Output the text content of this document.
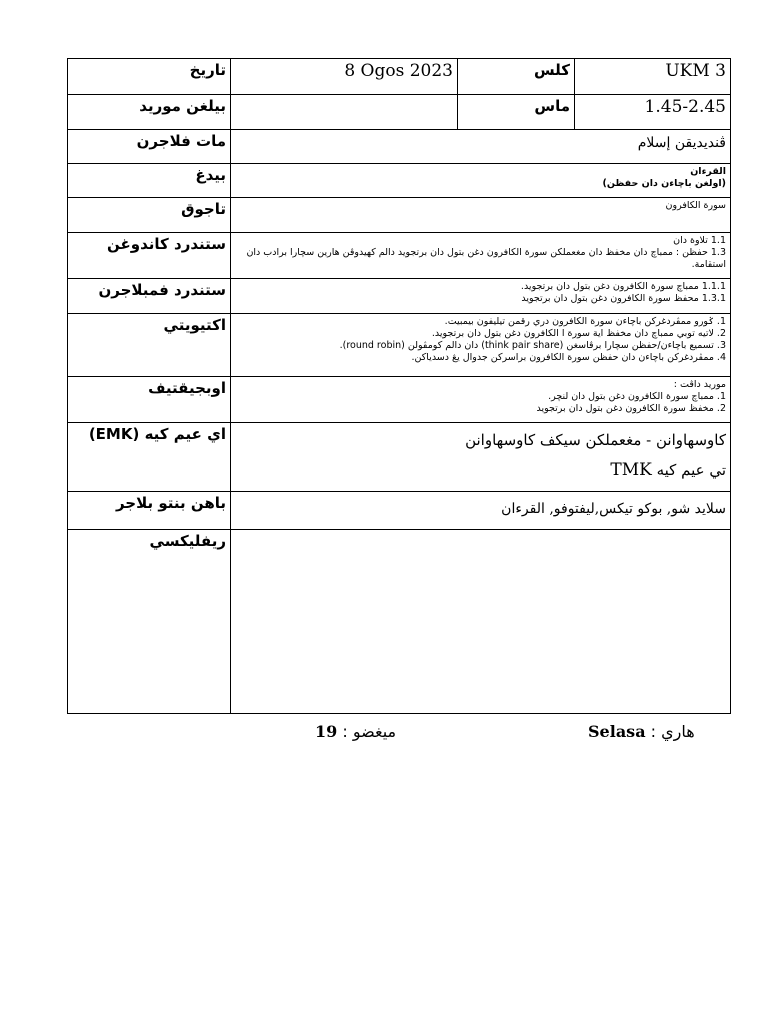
تاريخ	8 Ogos 2023	کلس	UKM 3
بيلغن موريد		ماس	1.45-2.45
مات فلاجرن	ڤنديديقن إسلام		
بيدغ	القرءان
(اولغن باچاءن دان حفظن)		

تاجوق	سورة الكافرون		
ستندرد كاندوغن	1.1 تلاوة دان
1.3 حفظن : ممباچ دان مخفظ دان مغعملكن سورة الكافرون دغن بتول دان برتجويد دالم کهيدوڤن هارين سچارا برادب دان استقامة.		

ستندرد فمبلاجرن	1.1.1 ممباچ سورة الكافرون دغن بتول دان برتجويد.
1.3.1 محفظ سورة الكافرون دغن بتول دان برتجويد		

اكتيويتي	1. ݢورو ممڤردغركن باچاءن سورة الكافرون دري رقمن تيليفون بيمبيت.
2. لاتيه توبي ممباچ دان مخفظ اية سورة ا الكافرون دغن بتول دان برتجويد.
3. تسميع باچاءن/حفظن سچارا برڤاسغن (think pair share) دان دالم کومڤولن (round robin).
4. ممڤردغركن باچاءن دان حفظن سورة الكافرون براسرکن جدوال يڠ دسدياكن.		

اوبجيقتيف	موريد داڤت :
1. ممباچ سورة الكافرون دغن بتول دان لنچر.
2. مخفظ سورة الكافرون دغن بتول دان برتجويد		

اي عيم کيه (EMK)	کاوسهاوانن - مغعملکن سيکف کاوسهاوانن
تي عيم کيه TMK		

باهن بنتو بلاجر	سلايد شو, بوکو تيکس,ليفتوفو, القرءان		
ريفليكسي			
هاري : Selasa
ميغضو : 19
